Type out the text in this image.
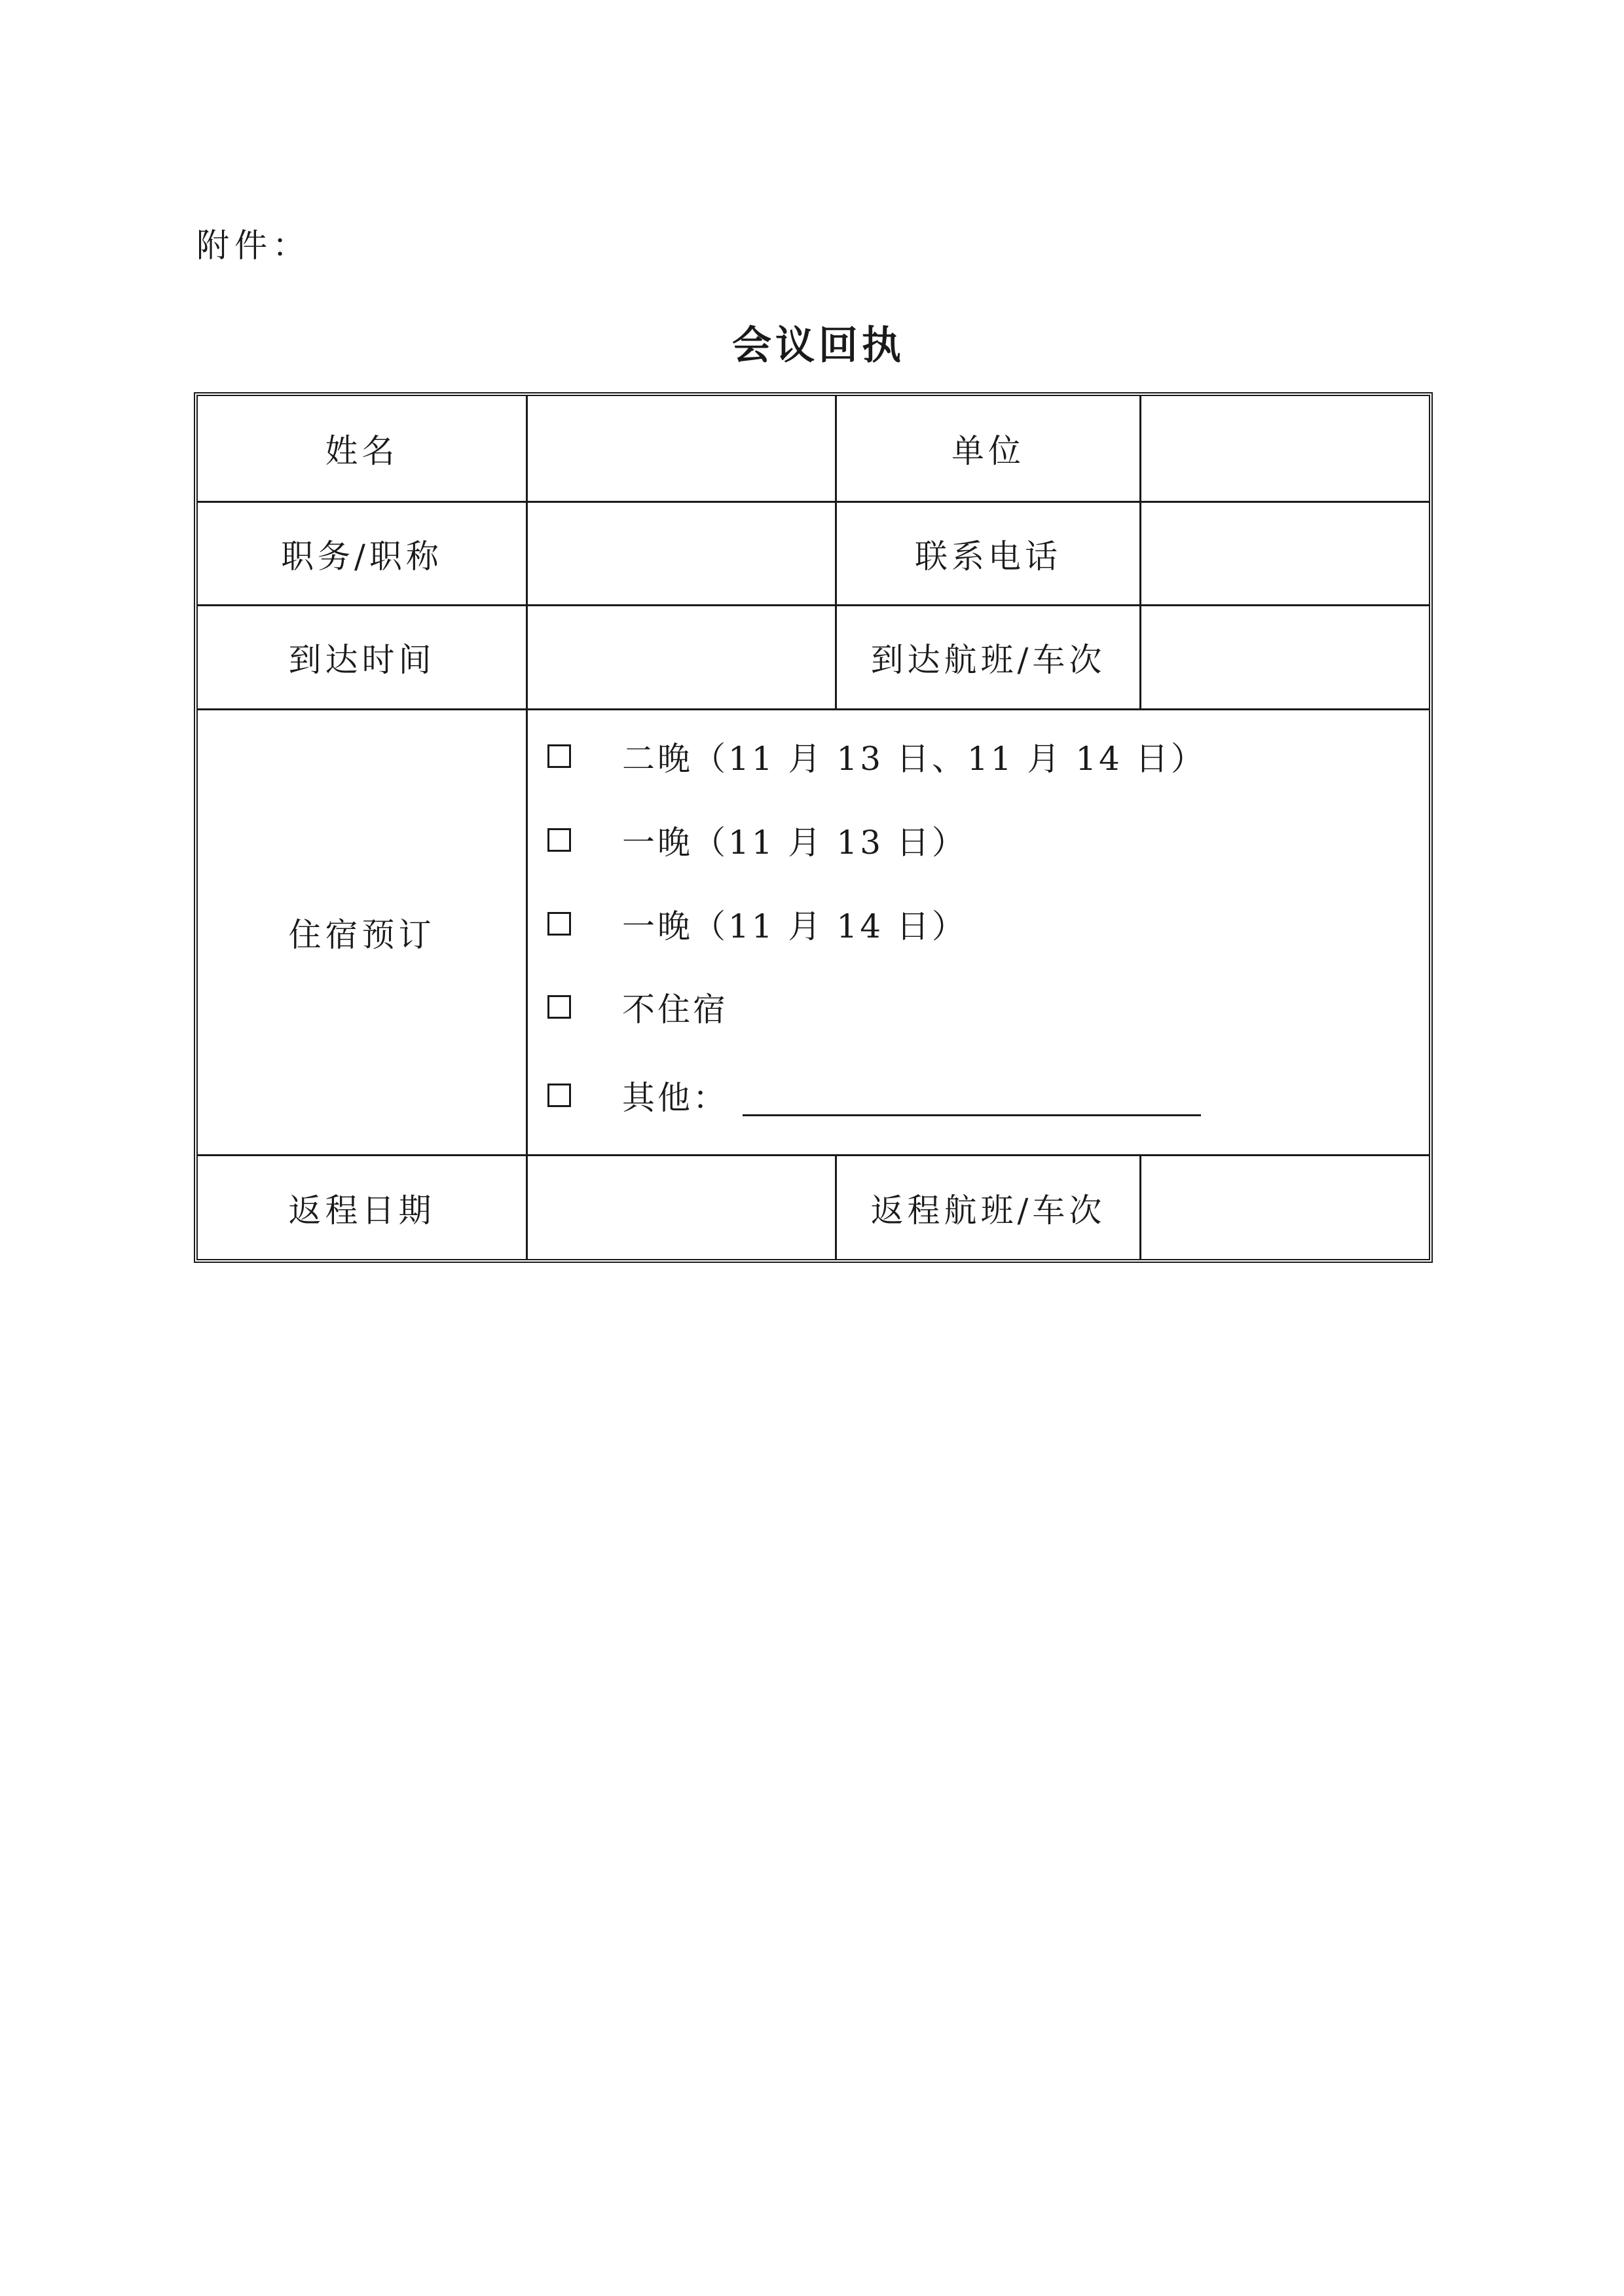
附件：
会议回执
姓名	单位
职务/职称	联系电话
到达时间	到达航班/车次
住宿预订
二晚（11 月 13 日、11 月 14 日）
一晚（11 月 13 日）
一晚（11 月 14 日）
不住宿
其他：
返程日期	返程航班/车次
